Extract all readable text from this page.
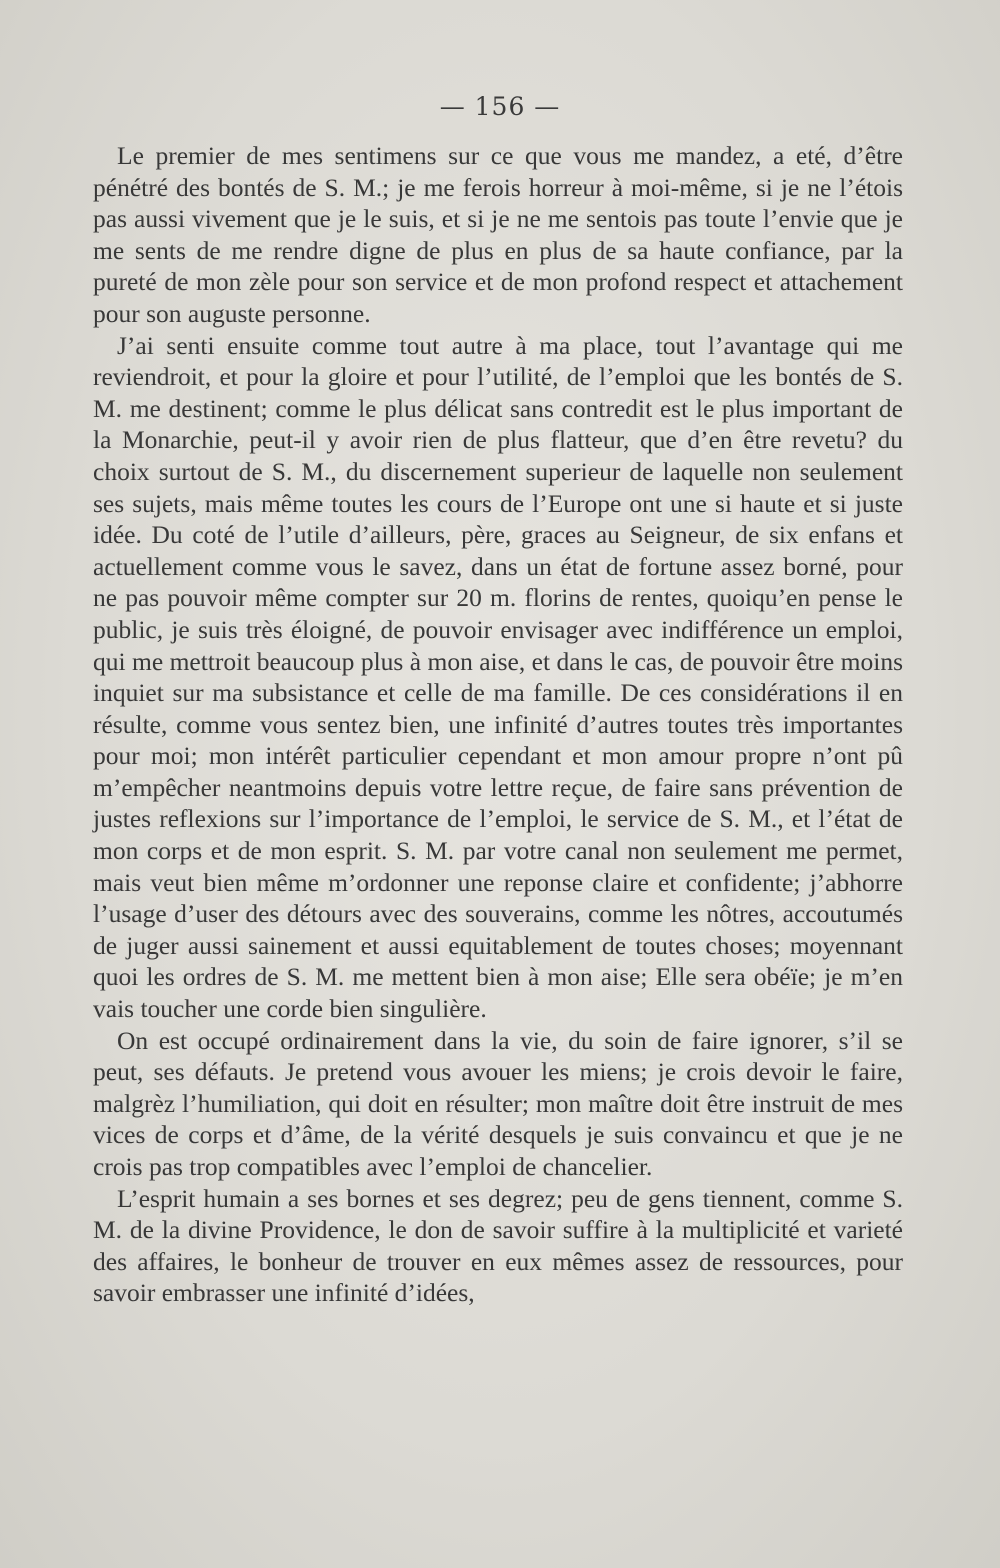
— 156 —

Le premier de mes sentimens sur ce que vous me mandez, a eté, d’être pénétré des bontés de S. M.; je me ferois horreur à moi-même, si je ne l’étois pas aussi vivement que je le suis, et si je ne me sentois pas toute l’envie que je me sents de me rendre digne de plus en plus de sa haute confiance, par la pureté de mon zèle pour son service et de mon profond respect et attachement pour son auguste personne.

J’ai senti ensuite comme tout autre à ma place, tout l’avantage qui me reviendroit, et pour la gloire et pour l’utilité, de l’emploi que les bontés de S. M. me destinent; comme le plus délicat sans contredit est le plus important de la Monarchie, peut-il y avoir rien de plus flatteur, que d’en être revetu? du choix surtout de S. M., du discernement superieur de laquelle non seulement ses sujets, mais même toutes les cours de l’Europe ont une si haute et si juste idée. Du coté de l’utile d’ailleurs, père, graces au Seigneur, de six enfans et actuellement comme vous le savez, dans un état de fortune assez borné, pour ne pas pouvoir même compter sur 20 m. florins de rentes, quoiqu’en pense le public, je suis très éloigné, de pouvoir envisager avec indifférence un emploi, qui me mettroit beaucoup plus à mon aise, et dans le cas, de pouvoir être moins inquiet sur ma subsistance et celle de ma famille. De ces considérations il en résulte, comme vous sentez bien, une infinité d’autres toutes très importantes pour moi; mon intérêt particulier cependant et mon amour propre n’ont pû m’empêcher neantmoins depuis votre lettre reçue, de faire sans prévention de justes reflexions sur l’importance de l’emploi, le service de S. M., et l’état de mon corps et de mon esprit. S. M. par votre canal non seulement me permet, mais veut bien même m’ordonner une reponse claire et confidente; j’abhorre l’usage d’user des détours avec des souverains, comme les nôtres, accoutumés de juger aussi sainement et aussi equitablement de toutes choses; moyennant quoi les ordres de S. M. me mettent bien à mon aise; Elle sera obéïe; je m’en vais toucher une corde bien singulière.

On est occupé ordinairement dans la vie, du soin de faire ignorer, s’il se peut, ses défauts. Je pretend vous avouer les miens; je crois devoir le faire, malgrèz l’humiliation, qui doit en résulter; mon maître doit être instruit de mes vices de corps et d’âme, de la vérité desquels je suis convaincu et que je ne crois pas trop compatibles avec l’emploi de chancelier.

L’esprit humain a ses bornes et ses degrez; peu de gens tiennent, comme S. M. de la divine Providence, le don de savoir suffire à la multiplicité et varieté des affaires, le bonheur de trouver en eux mêmes assez de ressources, pour savoir embrasser une infinité d’idées,
